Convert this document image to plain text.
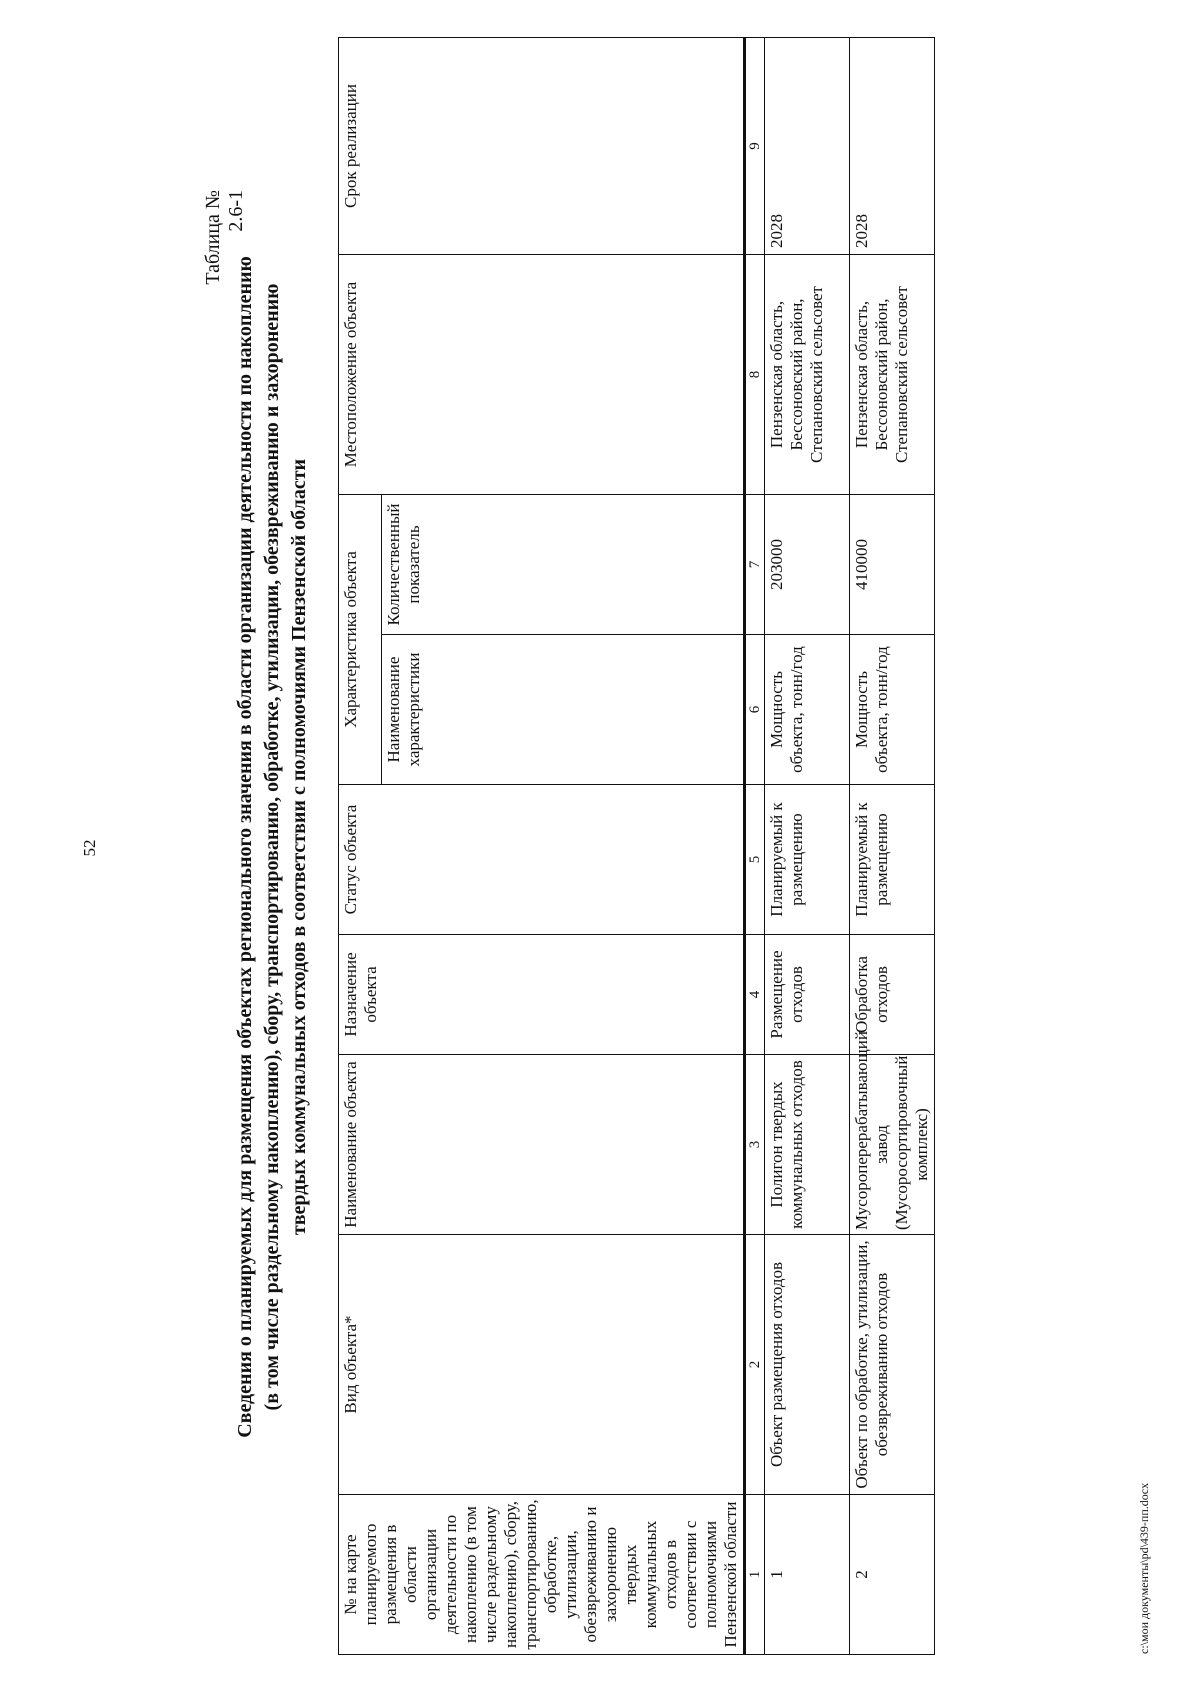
52
Таблица № 2.6-1
Сведения о планируемых для размещения объектах регионального значения в области организации деятельности по накоплению (в том числе раздельному накоплению), сбору, транспортированию, обработке, утилизации, обезвреживанию и захоронению твердых коммунальных отходов в соответствии с полномочиями Пензенской области
№ на карте планируемого размещения в области организации деятельности по накоплению (в том числе раздельному накоплению), сбору, транспортированию, обработке, утилизации, обезвреживанию и захоронению твердых коммунальных отходов в соответствии с полномочиями Пензенской области	Вид объекта*	Наименование объекта	Назначение объекта	Статус объекта	Характеристика объекта		Местоположение объекта	Срок реализации
					Наименование характеристики	Количественный показатель		

1	2	3	4	5	6	7	8	9
1	Объект размещения отходов	Полигон твердых коммунальных отходов	Размещение отходов	Планируемый к размещению	Мощность объекта, тонн/год	203000	Пензенская область, Бессоновский район, Степановский сельсовет	2028
2	Объект по обработке, утилизации, обезвреживанию отходов	Мусороперерабатывающий завод (Мусоросортировочный комплекс)	Обработка отходов	Планируемый к размещению	Мощность объекта, тонн/год	410000	Пензенская область, Бессоновский район, Степановский сельсовет	2028
c:\мои документы\pd\439-пп.docx
